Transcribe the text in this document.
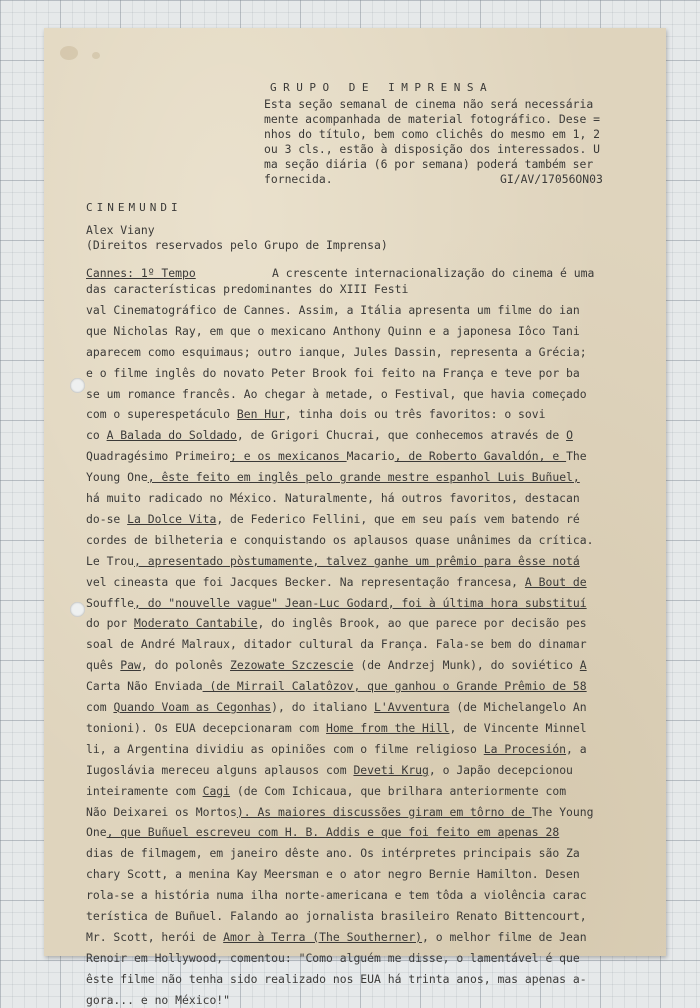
GRUPO DE IMPRENSA
Esta seção semanal de cinema não será necessária
mente acompanhada de material fotográfico. Dese =
nhos do título, bem como clichês do mesmo em 1, 2
ou 3 cls., estão à disposição dos interessados. U
ma seção diária (6 por semana) poderá também ser
fornecida.	GI/AV/17056ON03
CINEMUNDI
Alex Viany
(Direitos reservados pelo Grupo de Imprensa)
Cannes: 1º Tempo	A crescente internacionalização do cinema é uma
das características predominantes do XIII Festi
val Cinematográfico de Cannes. Assim, a Itália apresenta um filme do ian
que Nicholas Ray, em que o mexicano Anthony Quinn e a japonesa Iôco Tani
aparecem como esquimaus; outro ianque, Jules Dassin, representa a Grécia;
e o filme inglês do novato Peter Brook foi feito na França e teve por ba
se um romance francês. Ao chegar à metade, o Festival, que havia começado
com o superespetáculo Ben Hur, tinha dois ou três favoritos: o sovi
co A Balada do Soldado, de Grigori Chucrai, que conhecemos através de O
Quadragésimo Primeiro; e os mexicanos Macario, de Roberto Gavaldón, e The
Young One, êste feito em inglês pelo grande mestre espanhol Luis Buñuel,
há muito radicado no México. Naturalmente, há outros favoritos, destacan
do-se La Dolce Vita, de Federico Fellini, que em seu país vem batendo ré
cordes de bilheteria e conquistando os aplausos quase unânimes da crítica.
Le Trou, apresentado pòstumamente, talvez ganhe um prêmio para êsse notá
vel cineasta que foi Jacques Becker. Na representação francesa, A Bout de
Souffle, do "nouvelle vague" Jean-Luc Godard, foi à última hora substituí
do por Moderato Cantabile, do inglês Brook, ao que parece por decisão pes
soal de André Malraux, ditador cultural da França. Fala-se bem do dinamar
quês Paw, do polonês Zezowate Szczescie (de Andrzej Munk), do soviético A
Carta Não Enviada (de Mirrail Calatôzov, que ganhou o Grande Prêmio de 58
com Quando Voam as Cegonhas), do italiano L'Avventura (de Michelangelo An
tonioni). Os EUA decepcionaram com Home from the Hill, de Vincente Minnel
li, a Argentina dividiu as opiniões com o filme religioso La Procesión, a
Iugoslávia mereceu alguns aplausos com Deveti Krug, o Japão decepcionou
inteiramente com Cagi (de Com Ichicaua, que brilhara anteriormente com
Não Deixarei os Mortos). As maiores discussões giram em tôrno de The Young
One, que Buñuel escreveu com H. B. Addis e que foi feito em apenas 28
dias de filmagem, em janeiro dêste ano. Os intérpretes principais são Za
chary Scott, a menina Kay Meersman e o ator negro Bernie Hamilton. Desen
rola-se a história numa ilha norte-americana e tem tôda a violência carac
terística de Buñuel. Falando ao jornalista brasileiro Renato Bittencourt,
Mr. Scott, herói de Amor à Terra (The Southerner), o melhor filme de Jean
Renoir em Hollywood, comentou: "Como alguém me disse, o lamentável é que
êste filme não tenha sido realizado nos EUA há trinta anos, mas apenas a-
gora... e no México!"
